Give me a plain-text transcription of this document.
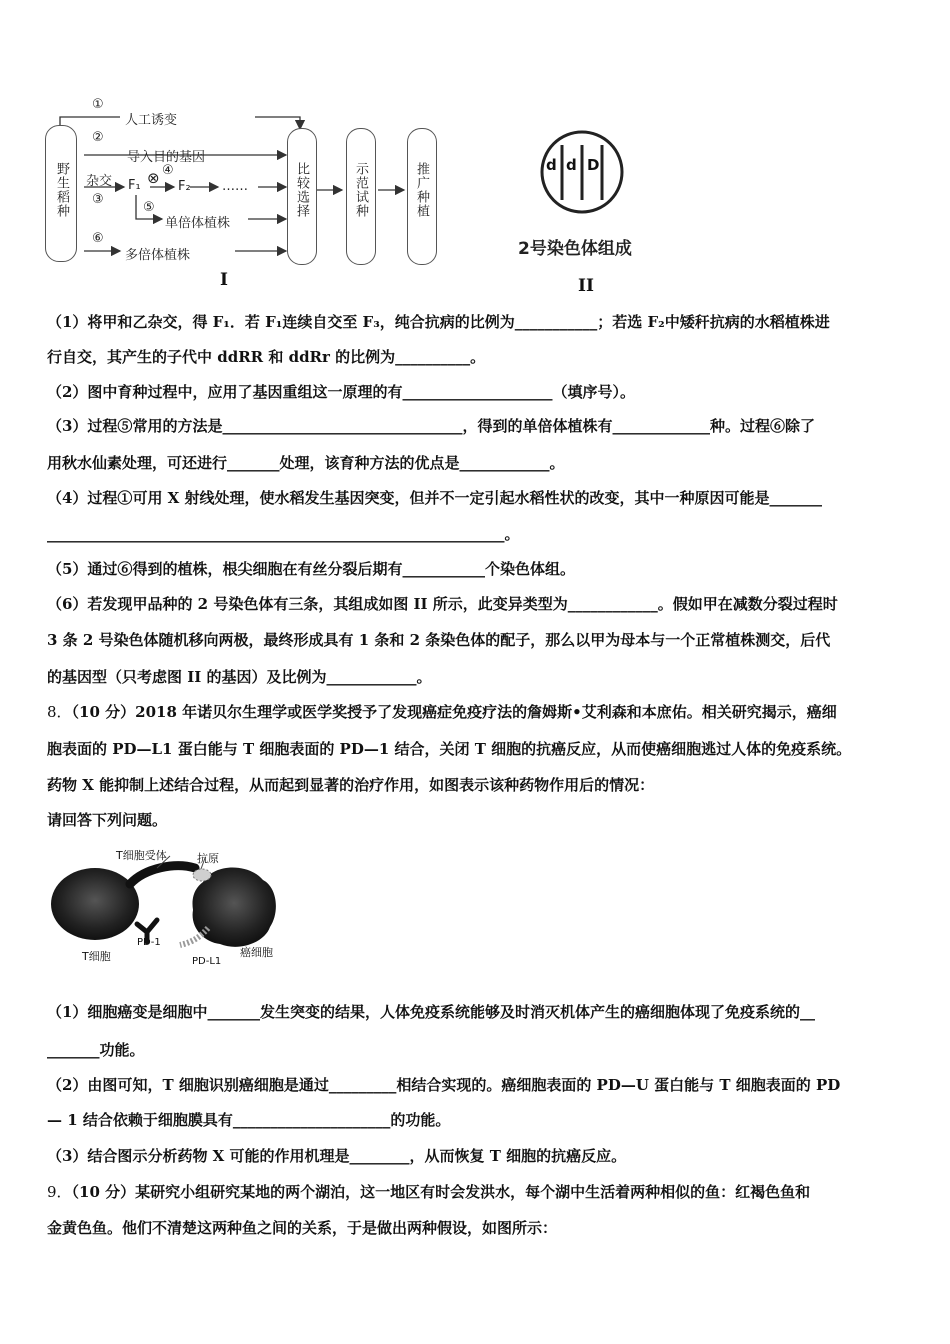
野生稻种	比较选择	示范试种	推广种植
①
人工诱变
②
导入目的基因
杂交
③
F₁ ⊗ ④
F₂ ……
⑤
单倍体植株
⑥
多倍体植株
I
d d D
2号染色体组成
II
（1）将甲和乙杂交，得 F₁．若 F₁连续自交至 F₃，纯合抗病的比例为___________；若选 F₂中矮秆抗病的水稻植株进
行自交，其产生的子代中 ddRR 和 ddRr 的比例为__________。
（2）图中育种过程中，应用了基因重组这一原理的有____________________（填序号）。
（3）过程⑤常用的方法是________________________________，得到的单倍体植株有_____________种。过程⑥除了
用秋水仙素处理，可还进行_______处理，该育种方法的优点是____________。
（4）过程①可用 X 射线处理，使水稻发生基因突变，但并不一定引起水稻性状的改变，其中一种原因可能是_______
_____________________________________________________________。
（5）通过⑥得到的植株，根尖细胞在有丝分裂后期有___________个染色体组。
（6）若发现甲品种的 2 号染色体有三条，其组成如图 II 所示，此变异类型为____________。假如甲在减数分裂过程时
3 条 2 号染色体随机移向两极，最终形成具有 1 条和 2 条染色体的配子，那么以甲为母本与一个正常植株测交，后代
的基因型（只考虑图 II 的基因）及比例为____________。
8．（10 分）2018 年诺贝尔生理学或医学奖授予了发现癌症免疫疗法的詹姆斯•艾利森和本庶佑。相关研究揭示，癌细
胞表面的 PD—L1 蛋白能与 T 细胞表面的 PD—1 结合，关闭 T 细胞的抗癌反应，从而使癌细胞逃过人体的免疫系统。
药物 X 能抑制上述结合过程，从而起到显著的治疗作用，如图表示该种药物作用后的情况：
请回答下列问题。
T细胞受体	抗原
PD-1
T细胞	PD-L1
癌细胞
（1）细胞癌变是细胞中_______发生突变的结果，人体免疫系统能够及时消灭机体产生的癌细胞体现了免疫系统的__
_______功能。
（2）由图可知，T 细胞识别癌细胞是通过_________相结合实现的。癌细胞表面的 PD—U 蛋白能与 T 细胞表面的 PD
— 1 结合依赖于细胞膜具有_____________________的功能。
（3）结合图示分析药物 X 可能的作用机理是________，从而恢复 T 细胞的抗癌反应。
9．（10 分）某研究小组研究某地的两个湖泊，这一地区有时会发洪水，每个湖中生活着两种相似的鱼：红褐色鱼和
金黄色鱼。他们不清楚这两种鱼之间的关系，于是做出两种假设，如图所示：
